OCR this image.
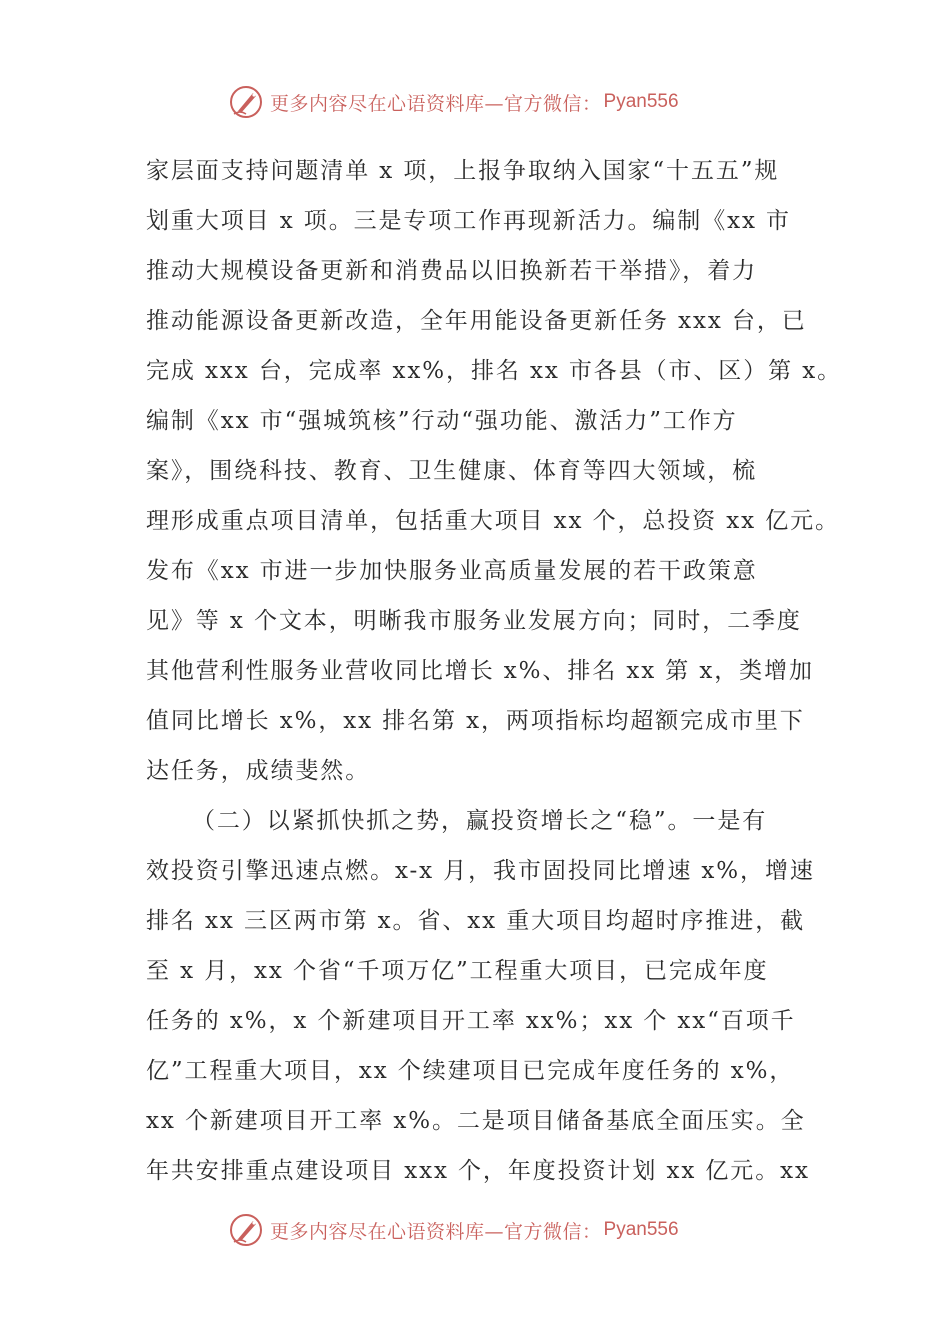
更多内容尽在心语资料库—官方微信： Pyan556
家层面支持问题清单 x 项，上报争取纳入国家“十五五”规
划重大项目 x 项。三是专项工作再现新活力。编制《xx 市
推动大规模设备更新和消费品以旧换新若干举措》，着力
推动能源设备更新改造，全年用能设备更新任务 xxx 台，已
完成 xxx 台，完成率 xx%，排名 xx 市各县（市、区）第 x。
编制《xx 市“强城筑核”行动“强功能、激活力”工作方
案》，围绕科技、教育、卫生健康、体育等四大领域，梳
理形成重点项目清单，包括重大项目 xx 个，总投资 xx 亿元。
发布《xx 市进一步加快服务业高质量发展的若干政策意
见》等 x 个文本，明晰我市服务业发展方向；同时，二季度
其他营利性服务业营收同比增长 x%、排名 xx 第 x，类增加
值同比增长 x%，xx 排名第 x，两项指标均超额完成市里下
达任务，成绩斐然。
（二）以紧抓快抓之势，赢投资增长之“稳”。一是有
效投资引擎迅速点燃。x-x 月，我市固投同比增速 x%，增速
排名 xx 三区两市第 x。省、xx 重大项目均超时序推进，截
至 x 月，xx 个省“千项万亿”工程重大项目，已完成年度
任务的 x%，x 个新建项目开工率 xx%；xx 个 xx“百项千
亿”工程重大项目，xx 个续建项目已完成年度任务的 x%，
xx 个新建项目开工率 x%。二是项目储备基底全面压实。全
年共安排重点建设项目 xxx 个，年度投资计划 xx 亿元。xx
更多内容尽在心语资料库—官方微信： Pyan556
